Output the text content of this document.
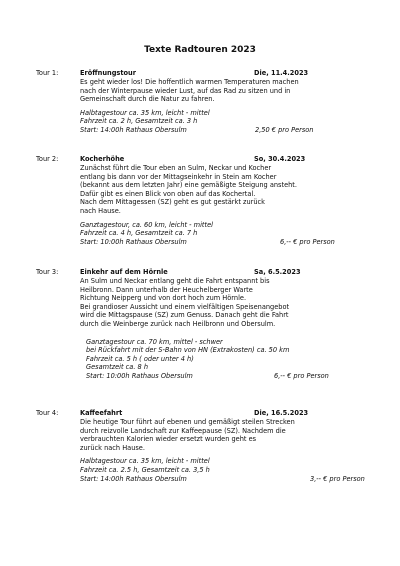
Texte Radtouren 2023
Tour 1:	Eröffnungstour	Die, 11.4.2023
Es geht wieder los! Die hoffentlich warmen Temperaturen machen
nach der Winterpause wieder Lust, auf das Rad zu sitzen und in
Gemeinschaft durch die Natur zu fahren.
Halbtagestour ca. 35 km, leicht - mittel
Fahrzeit ca. 2 h, Gesamtzeit ca. 3 h
Start: 14:00h Rathaus Obersulm	2,50 € pro Person
Tour 2:	Kocherhöhe	So, 30.4.2023
Zunächst führt die Tour eben an Sulm, Neckar und Kocher
entlang bis dann vor der Mittagseinkehr in Stein am Kocher
(bekannt aus dem letzten Jahr) eine gemäßigte Steigung ansteht.
Dafür gibt es einen Blick von oben auf das Kochertal.
Nach dem Mittagessen (SZ) geht es gut gestärkt zurück
nach Hause.
Ganztagestour, ca. 60 km, leicht - mittel
Fahrzeit ca. 4 h, Gesamtzeit ca. 7 h
Start: 10:00h Rathaus Obersulm	6,-- € pro Person
Tour 3:	Einkehr auf dem Hörnle	Sa, 6.5.2023
An Sulm und Neckar entlang geht die Fahrt entspannt bis
Heilbronn. Dann unterhalb der Heuchelberger Warte
Richtung Neipperg und von dort hoch zum Hörnle.
Bei grandioser Aussicht und einem vielfältigen Speisenangebot
wird die Mittagspause (SZ) zum Genuss. Danach geht die Fahrt
durch die Weinberge zurück nach Heilbronn und Obersulm.
Ganztagestour ca. 70 km, mittel - schwer
bei Rückfahrt mit der S-Bahn von HN (Extrakosten) ca. 50 km
Fahrzeit ca. 5 h ( oder unter 4 h)
Gesamtzeit ca. 8 h
Start: 10:00h Rathaus Obersulm	6,-- € pro Person
Tour 4:	Kaffeefahrt	Die, 16.5.2023
Die heutige Tour führt auf ebenen und gemäßigt steilen Strecken
durch reizvolle Landschaft zur Kaffeepause (SZ). Nachdem die
verbrauchten Kalorien wieder ersetzt wurden geht es
zurück nach Hause.
Halbtagestour ca. 35 km, leicht - mittel
Fahrzeit ca. 2.5 h, Gesamtzeit ca. 3,5 h
Start: 14:00h Rathaus Obersulm	3,-- € pro Person
